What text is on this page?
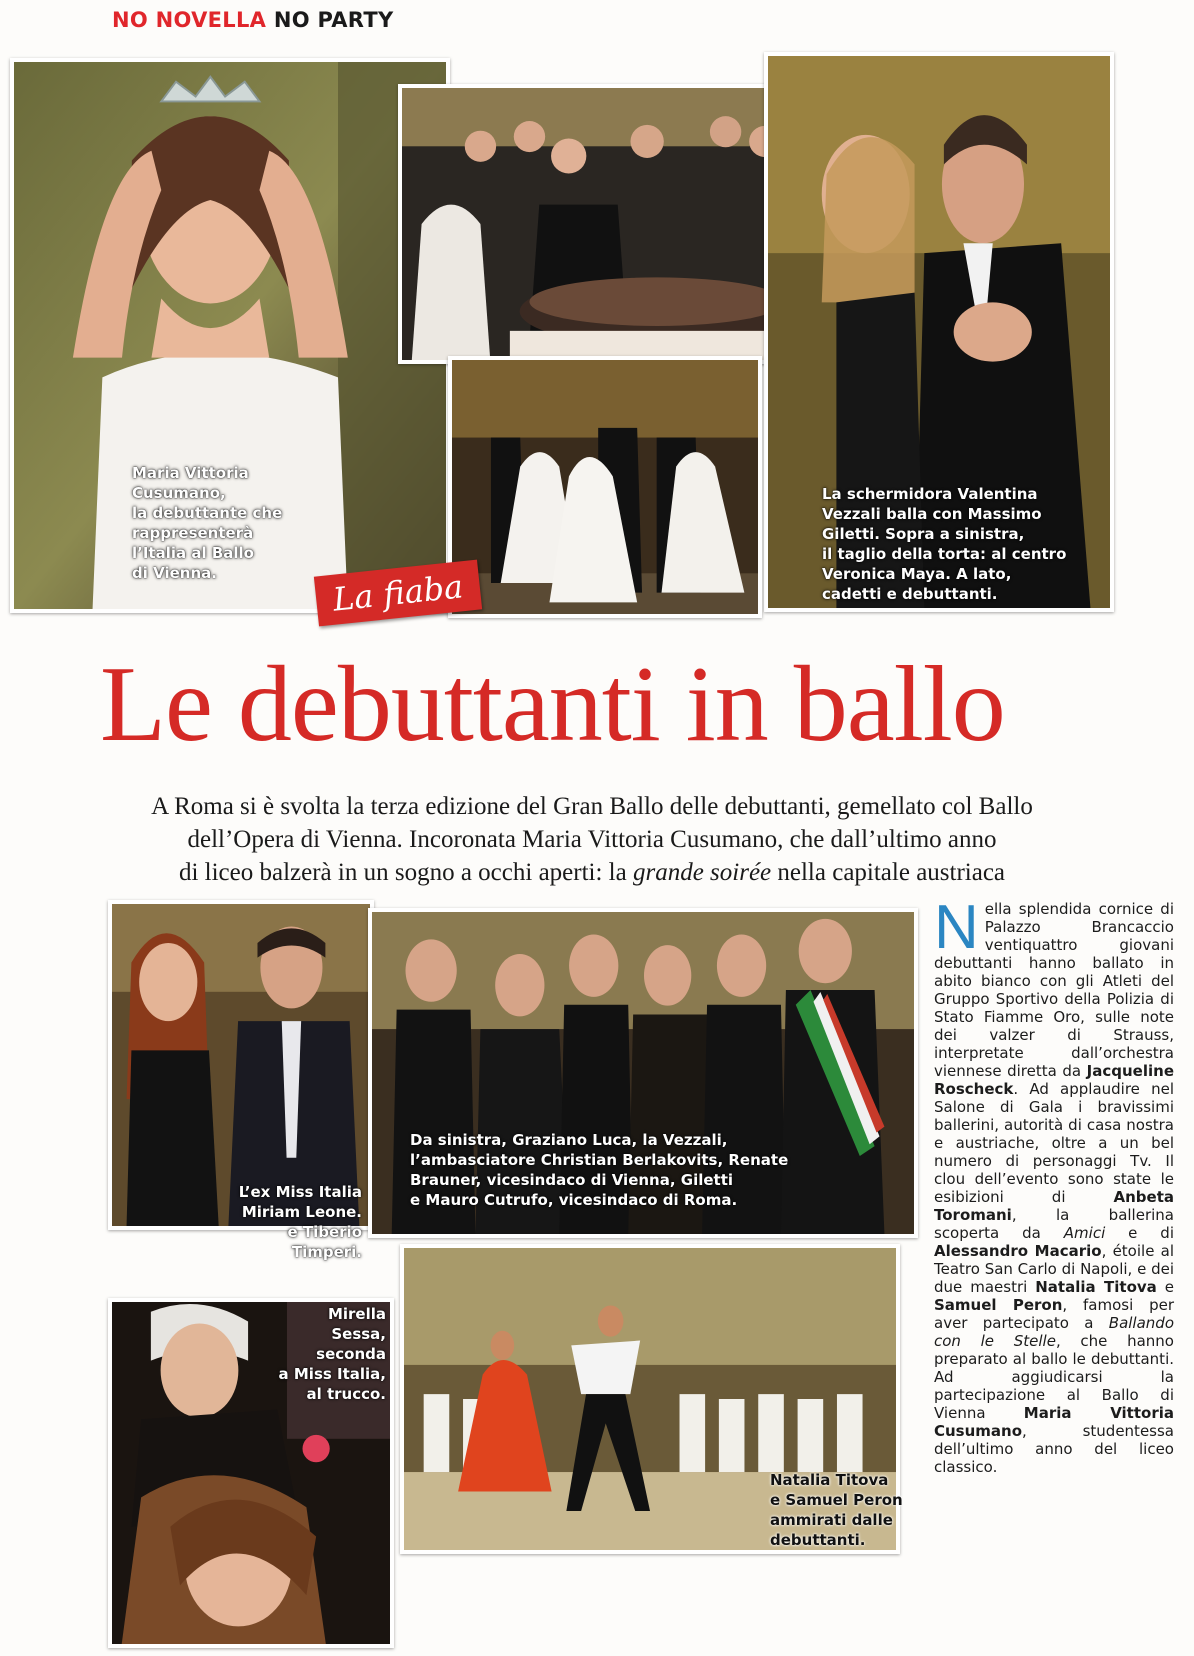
NO NOVELLA NO PARTY
Maria Vittoria
Cusumano,
la debuttante che
rappresenterà
l’Italia al Ballo
di Vienna.
La schermidora Valentina
Vezzali balla con Massimo
Giletti. Sopra a sinistra,
il taglio della torta: al centro
Veronica Maya. A lato,
cadetti e debuttanti.
La fiaba
Le debuttanti in ballo
A Roma si è svolta la terza edizione del Gran Ballo delle debuttanti, gemellato col Ballo
dell’Opera di Vienna. Incoronata Maria Vittoria Cusumano, che dall’ultimo anno
di liceo balzerà in un sogno a occhi aperti: la grande soirée nella capitale austriaca
L’ex Miss Italia
Miriam Leone.
e Tiberio Timperi.
Da sinistra, Graziano Luca, la Vezzali,
l’ambasciatore Christian Berlakovits, Renate
Brauner, vicesindaco di Vienna, Giletti
e Mauro Cutrufo, vicesindaco di Roma.
Mirella
Sessa,
seconda
a Miss Italia,
al trucco.
Natalia Titova
e Samuel Peron
ammirati dalle
debuttanti.
Nella splendida cornice di Palazzo Brancaccio ventiquattro giovani debuttanti hanno ballato in abito bianco con gli Atleti del Gruppo Sportivo della Polizia di Stato Fiamme Oro, sulle note dei valzer di Strauss, interpretate dall’orchestra viennese diretta da Jacqueline Roscheck. Ad applaudire nel Salone di Gala i bravissimi ballerini, autorità di casa nostra e austriache, oltre a un bel numero di personaggi Tv. Il clou dell’evento sono state le esibizioni di Anbeta Toromani, la ballerina scoperta da Amici e di Alessandro Macario, étoile al Teatro San Carlo di Napoli, e dei due maestri Natalia Titova e Samuel Peron, famosi per aver partecipato a Ballando con le Stelle, che hanno preparato al ballo le debuttanti. Ad aggiudicarsi la partecipazione al Ballo di Vienna Maria Vittoria Cusumano, studentessa dell’ultimo anno del liceo classico.
